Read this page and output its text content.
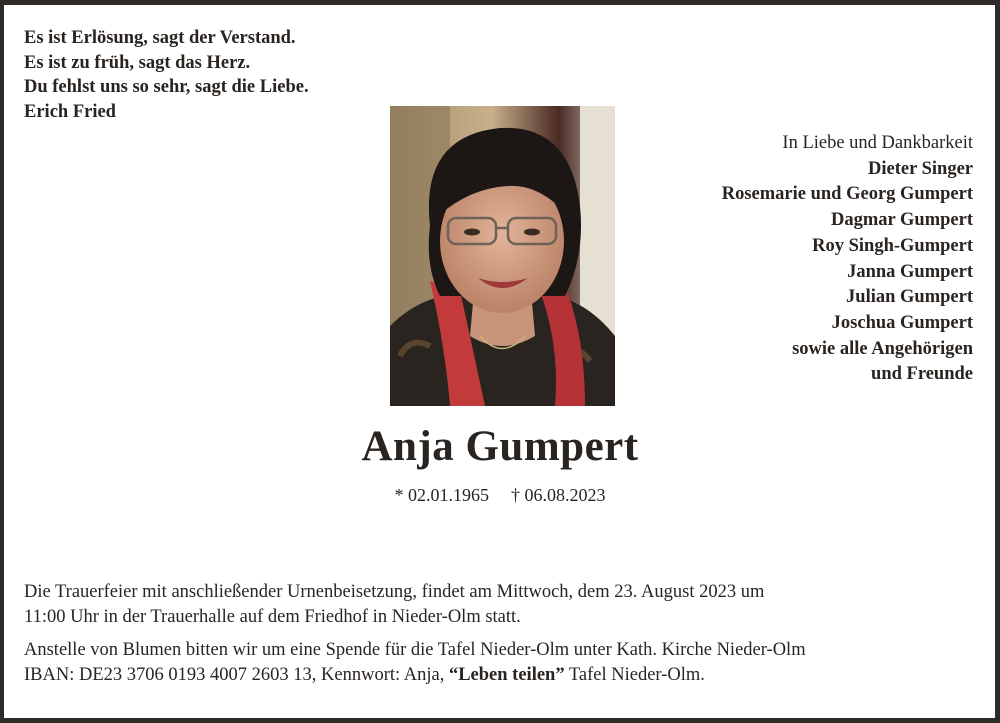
Es ist Erlösung, sagt der Verstand.
Es ist zu früh, sagt das Herz.
Du fehlst uns so sehr, sagt die Liebe.
Erich Fried
In Liebe und Dankbarkeit
Dieter Singer
Rosemarie und Georg Gumpert
Dagmar Gumpert
Roy Singh-Gumpert
Janna Gumpert
Julian Gumpert
Joschua Gumpert
sowie alle Angehörigen
und Freunde
Anja Gumpert
* 02.01.1965 † 06.08.2023

Die Trauerfeier mit anschließender Urnenbeisetzung, findet am Mittwoch, dem 23. August 2023 um
11:00 Uhr in der Trauerhalle auf dem Friedhof in Nieder-Olm statt.

Anstelle von Blumen bitten wir um eine Spende für die Tafel Nieder-Olm unter Kath. Kirche Nieder-Olm
IBAN: DE23 3706 0193 4007 2603 13, Kennwort: Anja, “Leben teilen” Tafel Nieder-Olm.
